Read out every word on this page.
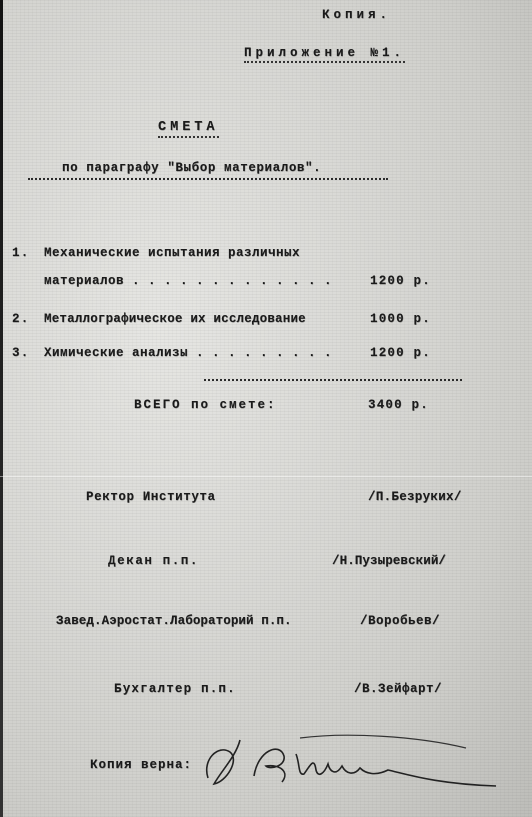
Копия.
Приложение №1.
СМЕТА
по параграфу "Выбор материалов".
1. Механические испытания различных
материалов . . . . . . . . . . . . .	1200 р.
2. Металлографическое их исследование	1000 р.
3. Химические анализы . . . . . . . . .	1200 р.
ВСЕГО по смете:	3400 р.
Ректор Института	/П.Безруких/
Декан п.п.	/Н.Пузыревский/
Завед.Аэростат.Лабораторий п.п.	/Воробьев/
Бухгалтер п.п.	/В.Зейфарт/
Копия верна:
